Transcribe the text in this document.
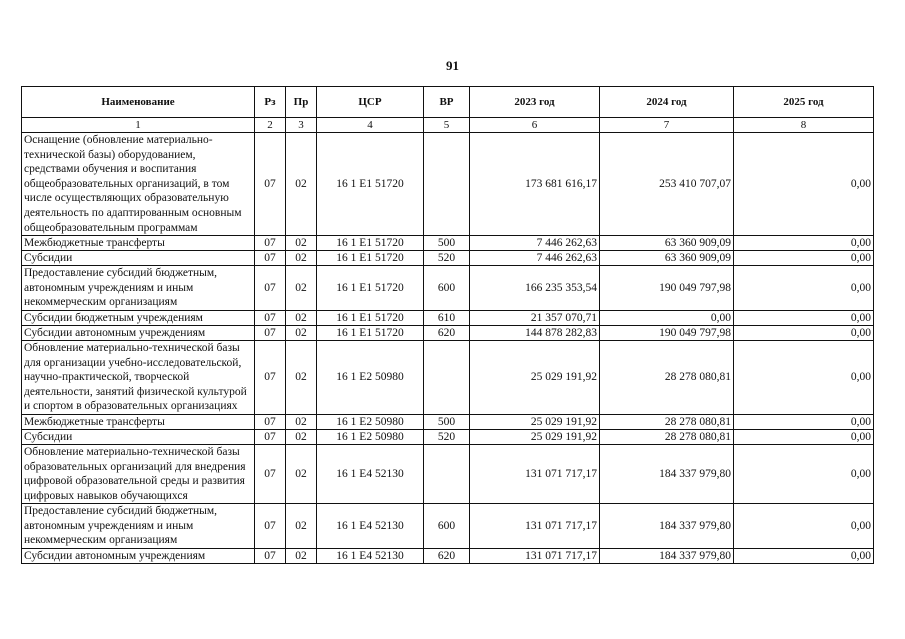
91
Наименование	Рз	Пр	ЦСР	ВР	2023 год	2024 год	2025 год
1	2	3	4	5	6	7	8
Оснащение (обновление материально-технической базы) оборудованием, средствами обучения и воспитания общеобразовательных организаций, в том числе осуществляющих образовательную деятельность по адаптированным основным общеобразовательным программам	07	02	16 1 Е1 51720		173 681 616,17	253 410 707,07	0,00
Межбюджетные трансферты	07	02	16 1 Е1 51720	500	7 446 262,63	63 360 909,09	0,00
Субсидии	07	02	16 1 Е1 51720	520	7 446 262,63	63 360 909,09	0,00
Предоставление субсидий бюджетным, автономным учреждениям и иным некоммерческим организациям	07	02	16 1 Е1 51720	600	166 235 353,54	190 049 797,98	0,00
Субсидии бюджетным учреждениям	07	02	16 1 Е1 51720	610	21 357 070,71	0,00	0,00
Субсидии автономным учреждениям	07	02	16 1 Е1 51720	620	144 878 282,83	190 049 797,98	0,00
Обновление материально-технической базы для организации учебно-исследовательской, научно-практической, творческой деятельности, занятий физической культурой и спортом в образовательных организациях	07	02	16 1 Е2 50980		25 029 191,92	28 278 080,81	0,00
Межбюджетные трансферты	07	02	16 1 Е2 50980	500	25 029 191,92	28 278 080,81	0,00
Субсидии	07	02	16 1 Е2 50980	520	25 029 191,92	28 278 080,81	0,00
Обновление материально-технической базы образовательных организаций для внедрения цифровой образовательной среды и развития цифровых навыков обучающихся	07	02	16 1 Е4 52130		131 071 717,17	184 337 979,80	0,00
Предоставление субсидий бюджетным, автономным учреждениям и иным некоммерческим организациям	07	02	16 1 Е4 52130	600	131 071 717,17	184 337 979,80	0,00
Субсидии автономным учреждениям	07	02	16 1 Е4 52130	620	131 071 717,17	184 337 979,80	0,00
